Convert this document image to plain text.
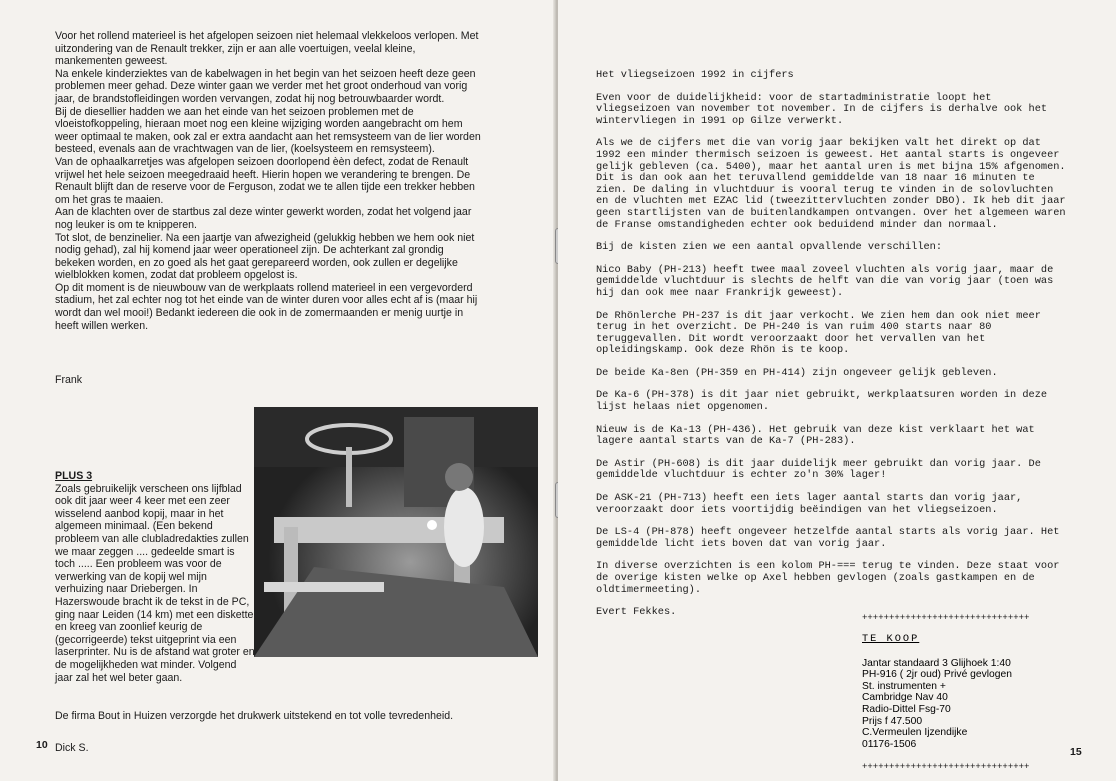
Voor het rollend materieel is het afgelopen seizoen niet helemaal vlekkeloos verlopen. Met uitzondering van de Renault trekker, zijn er aan alle voertuigen, veelal kleine, mankementen geweest.

Na enkele kinderziektes van de kabelwagen in het begin van het seizoen heeft deze geen problemen meer gehad. Deze winter gaan we verder met het groot onderhoud van vorig jaar, de brandstofleidingen worden vervangen, zodat hij nog betrouwbaarder wordt.

Bij de diesellier hadden we aan het einde van het seizoen problemen met de vloeistofkoppeling, hieraan moet nog een kleine wijziging worden aangebracht om hem weer optimaal te maken, ook zal er extra aandacht aan het remsysteem van de lier worden besteed, evenals aan de vrachtwagen van de lier, (koelsysteem en remsysteem).

Van de ophaalkarretjes was afgelopen seizoen doorlopend èèn defect, zodat de Renault vrijwel het hele seizoen meegedraaid heeft. Hierin hopen we verandering te brengen. De Renault blijft dan de reserve voor de Ferguson, zodat we te allen tijde een trekker hebben om het gras te maaien.

Aan de klachten over de startbus zal deze winter gewerkt worden, zodat het volgend jaar nog leuker is om te knipperen.

Tot slot, de benzinelier. Na een jaartje van afwezigheid (gelukkig hebben we hem ook niet nodig gehad), zal hij komend jaar weer operationeel zijn. De achterkant zal grondig bekeken worden, en zo goed als het gaat gerepareerd worden, ook zullen er degelijke wielblokken komen, zodat dat probleem opgelost is.

Op dit moment is de nieuwbouw van de werkplaats rollend materieel in een vergevorderd stadium, het zal echter nog tot het einde van de winter duren voor alles echt af is (maar hij wordt dan wel mooi!) Bedankt iedereen die ook in de zomermaanden er menig uurtje in heeft willen werken.

Frank
PLUS 3

Zoals gebruikelijk verscheen ons lijfblad ook dit jaar weer 4 keer met een zeer wisselend aanbod kopij, maar in het algemeen minimaal. (Een bekend probleem van alle clubladredakties zullen we maar zeggen .... gedeelde smart is toch ..... Een probleem was voor de verwerking van de kopij wel mijn verhuizing naar Driebergen. In Hazerswoude bracht ik de tekst in de PC, ging naar Leiden (14 km) met een diskette en kreeg van zoonlief keurig de (gecorrigeerde) tekst uitgeprint via een laserprinter. Nu is de afstand wat groter en de mogelijkheden wat minder. Volgend jaar zal het wel beter gaan.

De firma Bout in Huizen verzorgde het drukwerk uitstekend en tot volle tevredenheid.
Dick S.
10

Het vliegseizoen 1992 in cijfers

Even voor de duidelijkheid: voor de startadministratie loopt het vliegseizoen van november tot november. In de cijfers is derhalve ook het wintervliegen in 1991 op Gilze verwerkt.

Als we de cijfers met die van vorig jaar bekijken valt het direkt op dat 1992 een minder thermisch seizoen is geweest. Het aantal starts is ongeveer gelijk gebleven (ca. 5400), maar het aantal uren is met bijna 15% afgenomen. Dit is dan ook aan het teruvallend gemiddelde van 18 naar 16 minuten te zien. De daling in vluchtduur is vooral terug te vinden in de solovluchten en de vluchten met EZAC lid (tweezittervluchten zonder DBO). Ik heb dit jaar geen startlijsten van de buitenlandkampen ontvangen. Over het algemeen waren de Franse omstandigheden echter ook beduidend minder dan normaal.

Bij de kisten zien we een aantal opvallende verschillen:

Nico Baby (PH-213) heeft twee maal zoveel vluchten als vorig jaar, maar de gemiddelde vluchtduur is slechts de helft van die van vorig jaar (toen was hij dan ook mee naar Frankrijk geweest).

De Rhönlerche PH-237 is dit jaar verkocht. We zien hem dan ook niet meer terug in het overzicht. De PH-240 is van ruim 400 starts naar 80 teruggevallen. Dit wordt veroorzaakt door het vervallen van het opleidingskamp. Ook deze Rhön is te koop.

De beide Ka-8en (PH-359 en PH-414) zijn ongeveer gelijk gebleven.

De Ka-6 (PH-378) is dit jaar niet gebruikt, werkplaatsuren worden in deze lijst helaas niet opgenomen.

Nieuw is de Ka-13 (PH-436). Het gebruik van deze kist verklaart het wat lagere aantal starts van de Ka-7 (PH-283).

De Astir (PH-608) is dit jaar duidelijk meer gebruikt dan vorig jaar. De gemiddelde vluchtduur is echter zo'n 30% lager!

De ASK-21 (PH-713) heeft een iets lager aantal starts dan vorig jaar, veroorzaakt door iets voortijdig beëindigen van het vliegseizoen.

De LS-4 (PH-878) heeft ongeveer hetzelfde aantal starts als vorig jaar. Het gemiddelde licht iets boven dat van vorig jaar.

In diverse overzichten is een kolom PH-=== terug te vinden. Deze staat voor de overige kisten welke op Axel hebben gevlogen (zoals gastkampen en de oldtimermeeting).

Evert Fekkes.	+++++++++++++++++++++++++++++++
TE KOOP
Jantar standaard 3 Glijhoek 1:40
PH-916 ( 2jr oud) Privé gevlogen
St. instrumenten +
Cambridge Nav 40
Radio-Dittel Fsg-70
Prijs f 47.500
C.Vermeulen Ijzendijke
01176-1506
+++++++++++++++++++++++++++++++
15
